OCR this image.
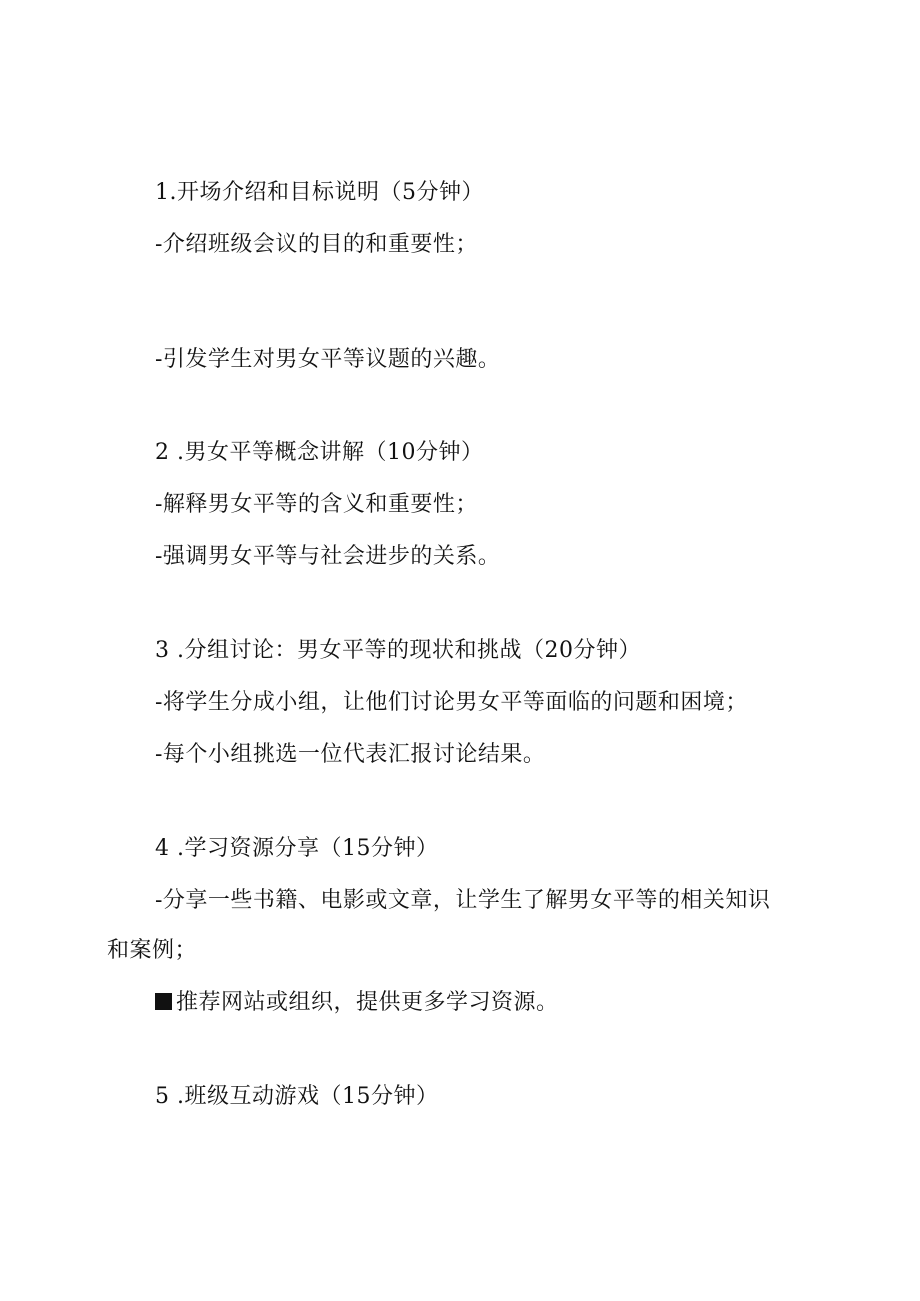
1.开场介绍和目标说明（5分钟）
-介绍班级会议的目的和重要性；
-引发学生对男女平等议题的兴趣。
2 .男女平等概念讲解（10分钟）
-解释男女平等的含义和重要性；
-强调男女平等与社会进步的关系。
3 .分组讨论：男女平等的现状和挑战（20分钟）
-将学生分成小组，让他们讨论男女平等面临的问题和困境；
-每个小组挑选一位代表汇报讨论结果。
4 .学习资源分享（15分钟）
-分享一些书籍、电影或文章，让学生了解男女平等的相关知识
和案例；
推荐网站或组织，提供更多学习资源。
5 .班级互动游戏（15分钟）
